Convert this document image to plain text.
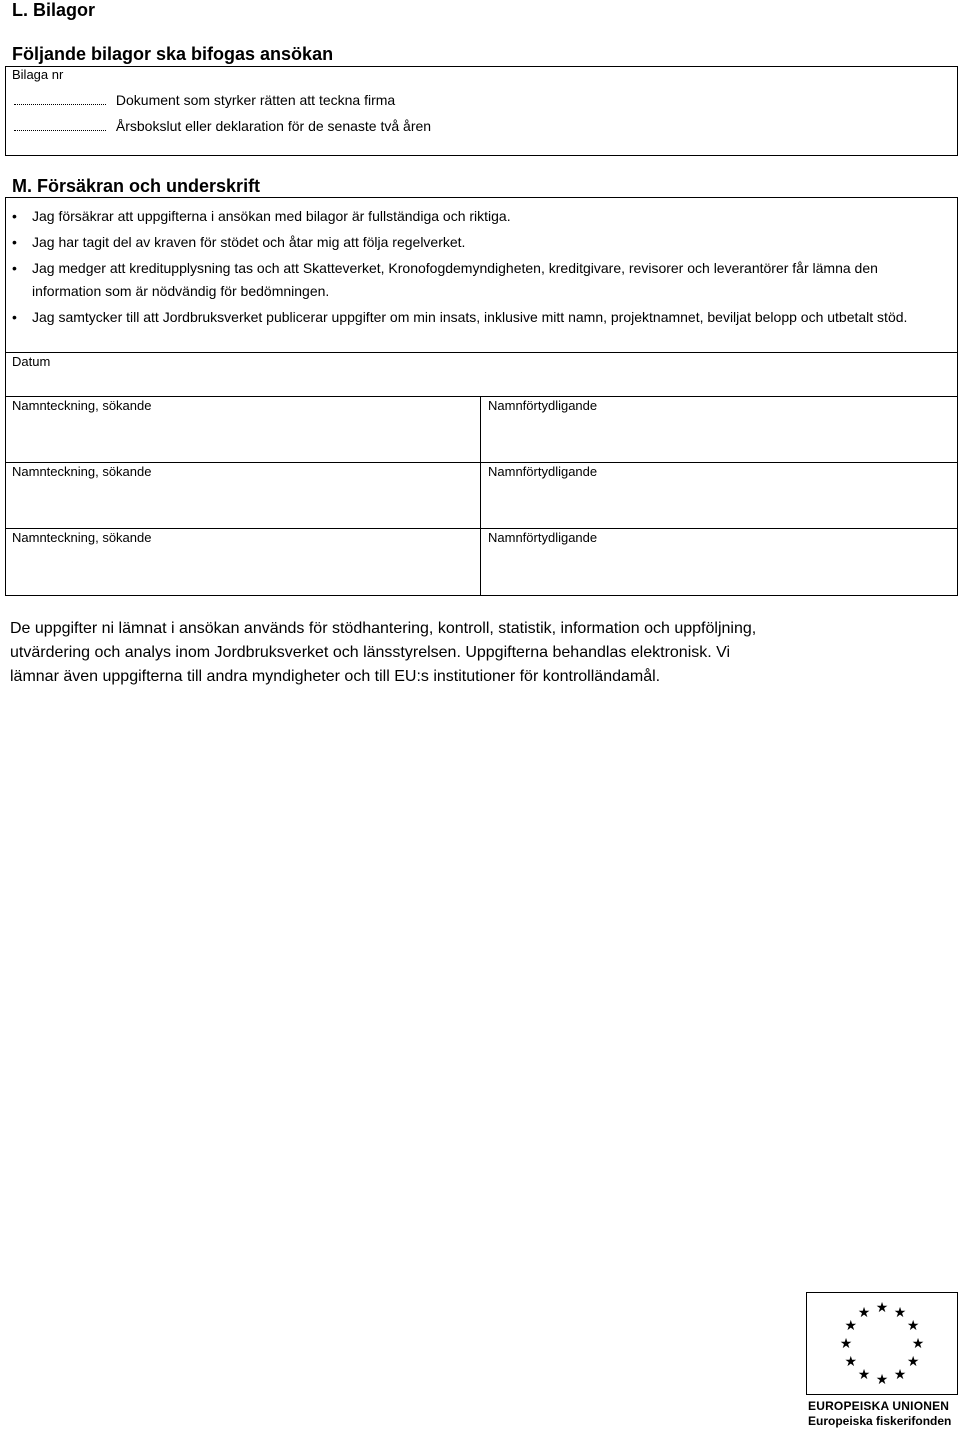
L. Bilagor
Följande bilagor ska bifogas ansökan
Bilaga nr
Dokument som styrker rätten att teckna firma
Årsbokslut eller deklaration för de senaste två åren
M. Försäkran och underskrift
• Jag försäkrar att uppgifterna i ansökan med bilagor är fullständiga och riktiga.
• Jag har tagit del av kraven för stödet och åtar mig att följa regelverket.
• Jag medger att kreditupplysning tas och att Skatteverket, Kronofogdemyndigheten, kreditgivare, revisorer och leverantörer får lämna den information som är nödvändig för bedömningen.
• Jag samtycker till att Jordbruksverket publicerar uppgifter om min insats, inklusive mitt namn, projektnamnet, beviljat belopp och utbetalt stöd.
Datum
Namnteckning, sökande	Namnförtydligande
Namnteckning, sökande	Namnförtydligande
Namnteckning, sökande	Namnförtydligande
De uppgifter ni lämnat i ansökan används för stödhantering, kontroll, statistik, information och uppföljning,
utvärdering och analys inom Jordbruksverket och länsstyrelsen. Uppgifterna behandlas elektronisk. Vi
lämnar även uppgifterna till andra myndigheter och till EU:s institutioner för kontrolländamål.
★ ★
★
★
★
★
★
★
★
★
★
★
EUROPEISKA UNIONEN
Europeiska fiskerifonden
